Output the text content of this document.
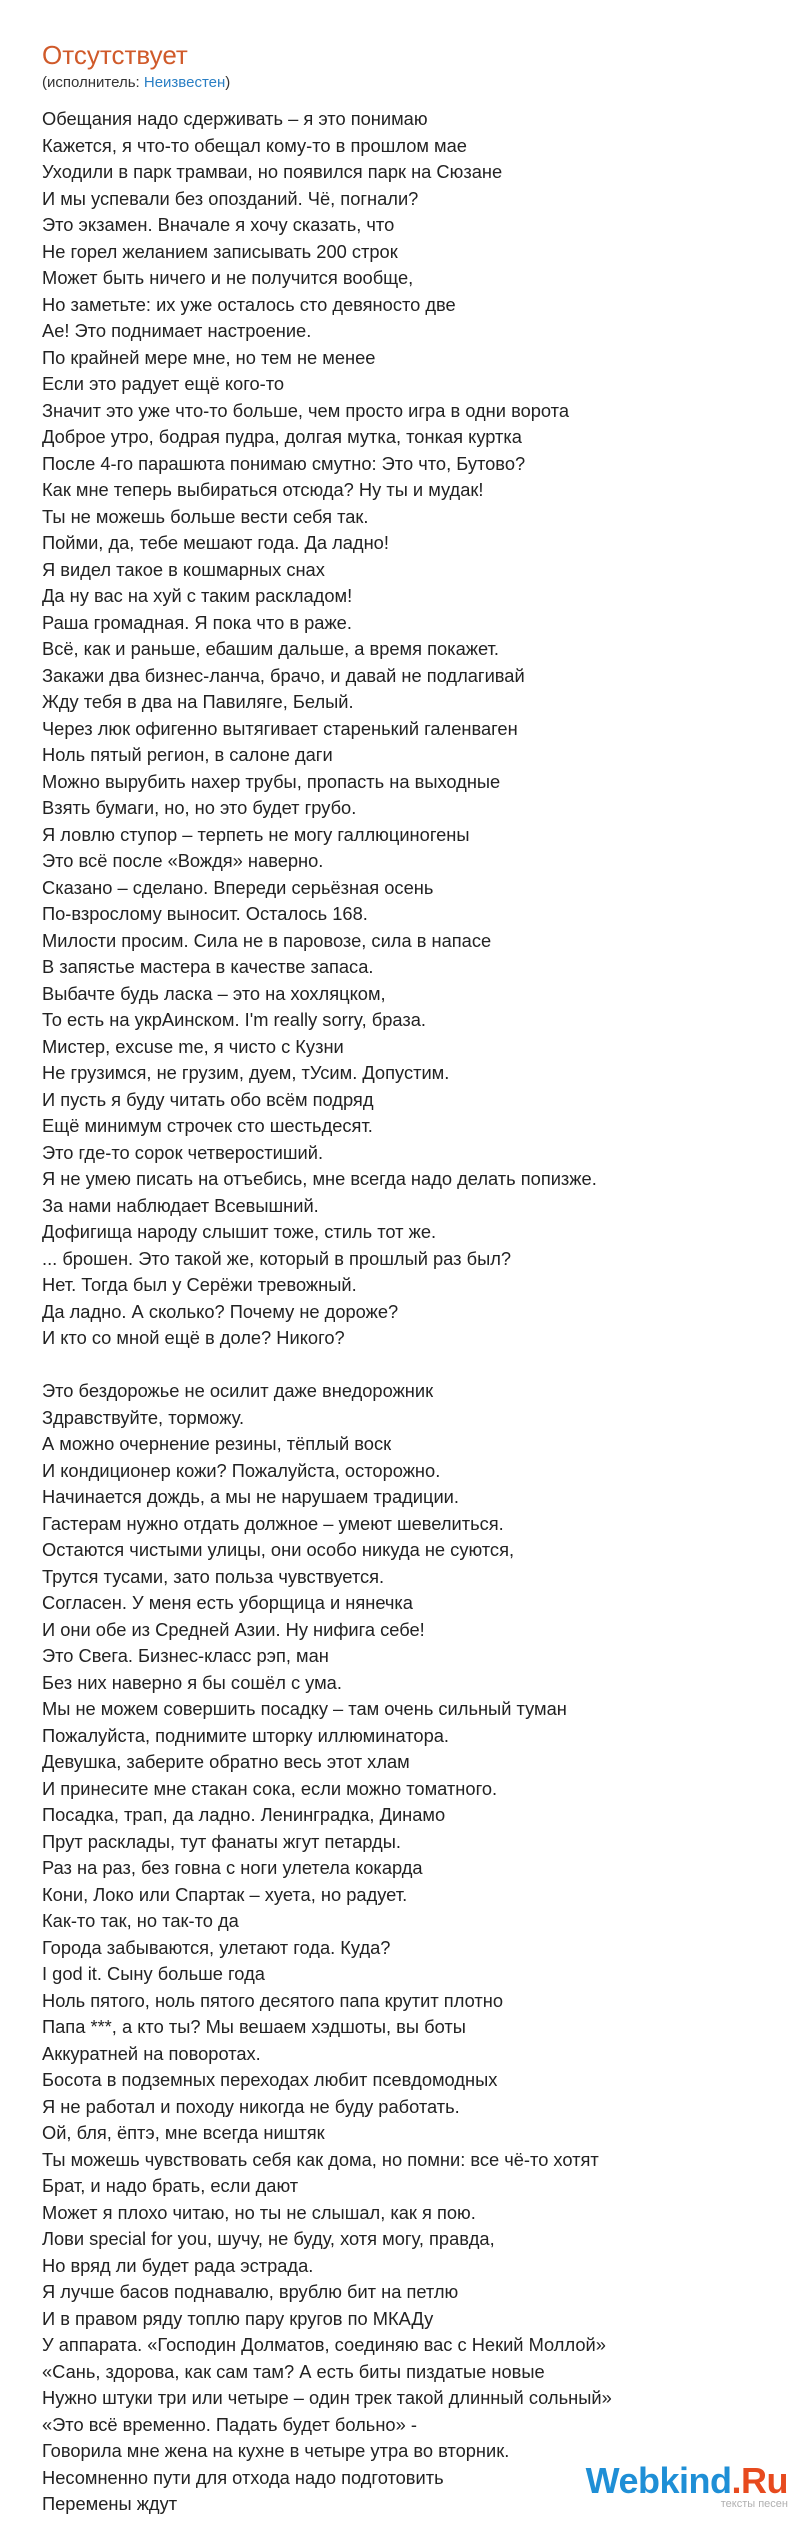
Отсутствует
(исполнитель: Неизвестен)
Обещания надо сдерживать – я это понимаю
Кажется, я что-то обещал кому-то в прошлом мае
Уходили в парк трамваи, но появился парк на Сюзане
И мы успевали без опозданий. Чё, погнали?
Это экзамен. Вначале я хочу сказать, что
Не горел желанием записывать 200 строк
Может быть ничего и не получится вообще,
Но заметьте: их уже осталось сто девяносто две
Ае! Это поднимает настроение.
По крайней мере мне, но тем не менее
Если это радует ещё кого-то
Значит это уже что-то больше, чем просто игра в одни ворота
Доброе утро, бодрая пудра, долгая мутка, тонкая куртка
После 4-го парашюта понимаю смутно: Это что, Бутово?
Как мне теперь выбираться отсюда? Ну ты и мудак!
Ты не можешь больше вести себя так.
Пойми, да, тебе мешают года. Да ладно!
Я видел такое в кошмарных снах
Да ну вас на хуй с таким раскладом!
Раша громадная. Я пока что в раже.
Всё, как и раньше, ебашим дальше, а время покажет.
Закажи два бизнес-ланча, брачо, и давай не подлагивай
Жду тебя в два на Павиляге, Белый.
Через люк офигенно вытягивает старенький галенваген
Ноль пятый регион, в салоне даги
Можно вырубить нахер трубы, пропасть на выходные
Взять бумаги, но, но это будет грубо.
Я ловлю ступор – терпеть не могу галлюциногены
Это всё после «Вождя» наверно.
Сказано – сделано. Впереди серьёзная осень
По-взрослому выносит. Осталось 168.
Милости просим. Сила не в паровозе, сила в напасе
В запястье мастера в качестве запаса.
Выбачте будь ласка – это на хохляцком,
То есть на укрАинском. I'm really sorry, браза.
Мистер, excuse me, я чисто с Кузни
Не грузимся, не грузим, дуем, тУсим. Допустим.
И пусть я буду читать обо всём подряд
Ещё минимум строчек сто шестьдесят.
Это где-то сорок четверостиший.
Я не умею писать на отъебись, мне всегда надо делать попизже.
За нами наблюдает Всевышний.
Дофигища народу слышит тоже, стиль тот же.
... брошен. Это такой же, который в прошлый раз был?
Нет. Тогда был у Серёжи тревожный.
Да ладно. А сколько? Почему не дороже?
И кто со мной ещё в доле? Никого?
Это бездорожье не осилит даже внедорожник
Здравствуйте, торможу.
А можно очернение резины, тёплый воск
И кондиционер кожи? Пожалуйста, осторожно.
Начинается дождь, а мы не нарушаем традиции.
Гастерам нужно отдать должное – умеют шевелиться.
Остаются чистыми улицы, они особо никуда не суются,
Трутся тусами, зато польза чувствуется.
Согласен. У меня есть уборщица и нянечка
И они обе из Средней Азии. Ну нифига себе!
Это Свега. Бизнес-класс рэп, ман
Без них наверно я бы сошёл с ума.
Мы не можем совершить посадку – там очень сильный туман
Пожалуйста, поднимите шторку иллюминатора.
Девушка, заберите обратно весь этот хлам
И принесите мне стакан сока, если можно томатного.
Посадка, трап, да ладно. Ленинградка, Динамо
Прут расклады, тут фанаты жгут петарды.
Раз на раз, без говна с ноги улетела кокарда
Кони, Локо или Спартак – хуета, но радует.
Как-то так, но так-то да
Города забываются, улетают года. Куда?
I god it. Сыну больше года
Ноль пятого, ноль пятого десятого папа крутит плотно
Папа ***, а кто ты? Мы вешаем хэдшоты, вы боты
Аккуратней на поворотах.
Босота в подземных переходах любит псевдомодных
Я не работал и походу никогда не буду работать.
Ой, бля, ёптэ, мне всегда ништяк
Ты можешь чувствовать себя как дома, но помни: все чё-то хотят
Брат, и надо брать, если дают
Может я плохо читаю, но ты не слышал, как я пою.
Лови special for you, шучу, не буду, хотя могу, правда,
Но вряд ли будет рада эстрада.
Я лучше басов поднавалю, врублю бит на петлю
И в правом ряду топлю пару кругов по МКАДу
У аппарата. «Господин Долматов, соединяю вас с Некий Моллой»
«Сань, здорова, как сам там? А есть биты пиздатые новые
Нужно штуки три или четыре – один трек такой длинный сольный»
«Это всё временно. Падать будет больно» -
Говорила мне жена на кухне в четыре утра во вторник.
Несомненно пути для отхода надо подготовить
Перемены ждут
Webkind.Ru
тексты песен
